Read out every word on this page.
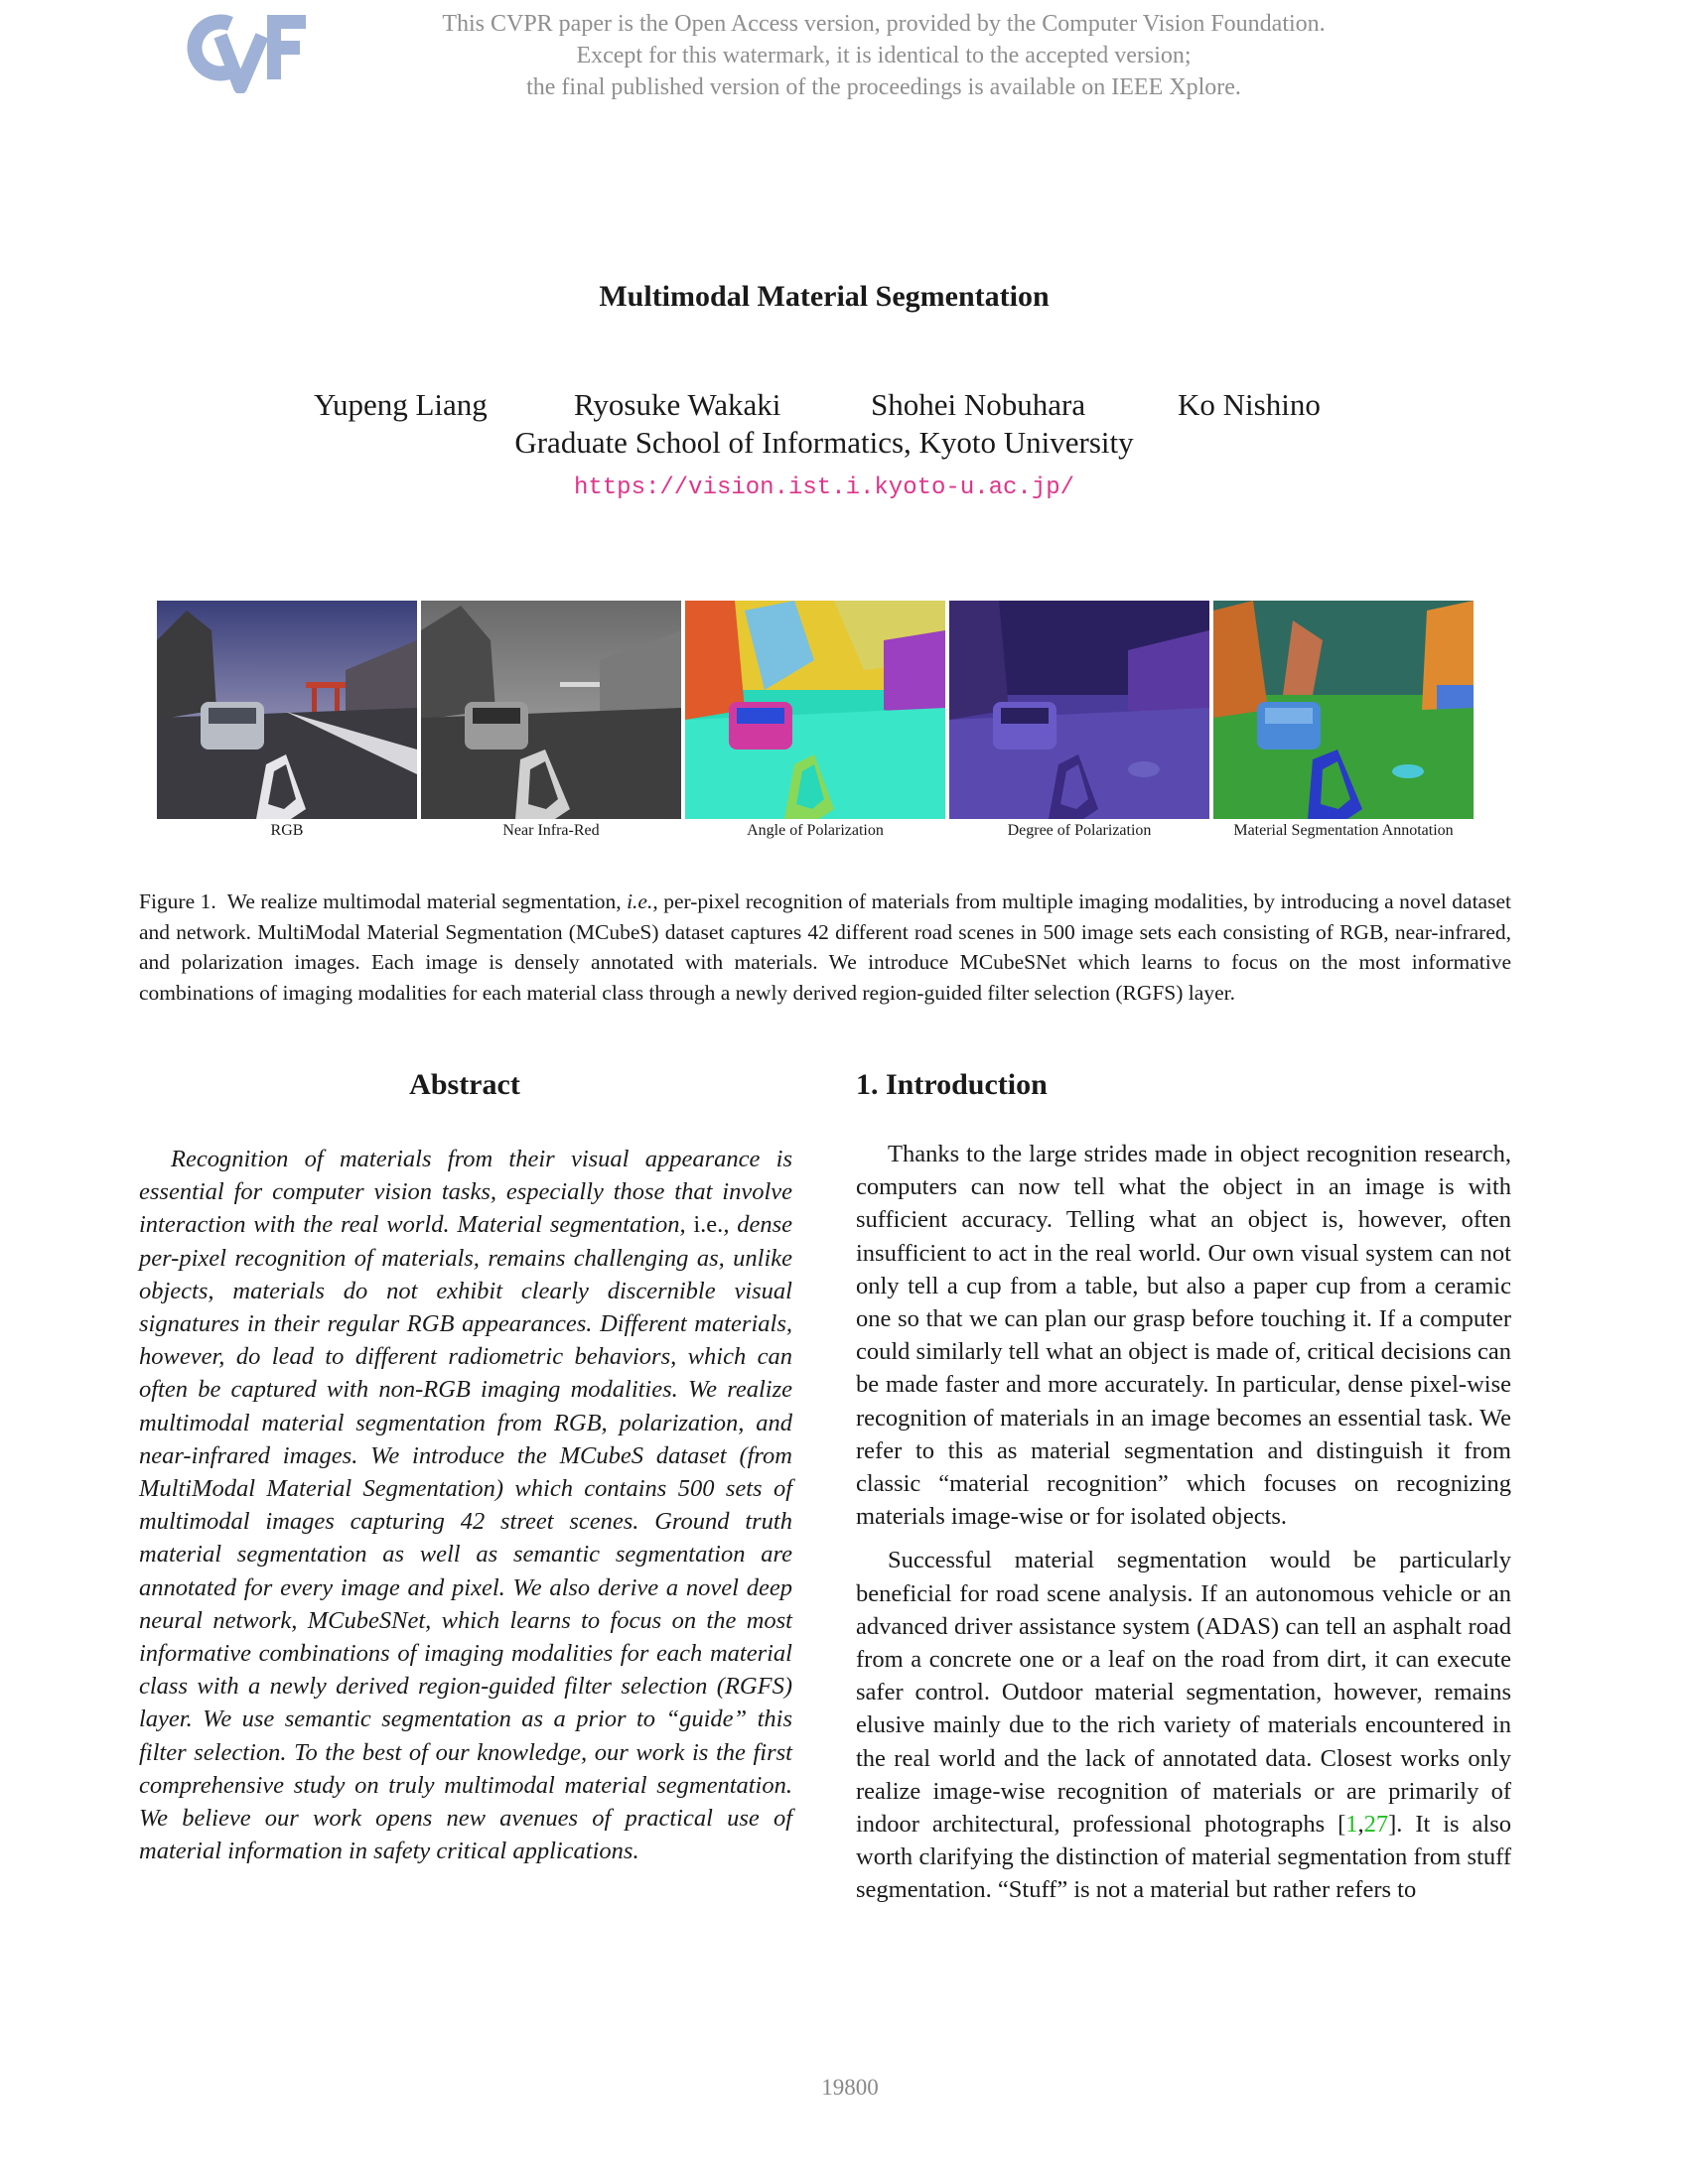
This CVPR paper is the Open Access version, provided by the Computer Vision Foundation.
Except for this watermark, it is identical to the accepted version;
the final published version of the proceedings is available on IEEE Xplore.
Multimodal Material Segmentation
Yupeng Liang	Ryosuke Wakaki	Shohei Nobuhara	Ko Nishino
Graduate School of Informatics, Kyoto University
https://vision.ist.i.kyoto-u.ac.jp/
RGB	Near Infra-Red	Angle of Polarization	Degree of Polarization	Material Segmentation Annotation
Figure 1. We realize multimodal material segmentation, i.e., per-pixel recognition of materials from multiple imaging modalities, by introducing a novel dataset and network. MultiModal Material Segmentation (MCubeS) dataset captures 42 different road scenes in 500 image sets each consisting of RGB, near-infrared, and polarization images. Each image is densely annotated with materials. We introduce MCubeSNet which learns to focus on the most informative combinations of imaging modalities for each material class through a newly derived region-guided filter selection (RGFS) layer.
Abstract
Recognition of materials from their visual appearance is essential for computer vision tasks, especially those that involve interaction with the real world. Material segmentation, i.e., dense per-pixel recognition of materials, remains challenging as, unlike objects, materials do not exhibit clearly discernible visual signatures in their regular RGB appearances. Different materials, however, do lead to different radiometric behaviors, which can often be captured with non-RGB imaging modalities. We realize multimodal material segmentation from RGB, polarization, and near-infrared images. We introduce the MCubeS dataset (from MultiModal Material Segmentation) which contains 500 sets of multimodal images capturing 42 street scenes. Ground truth material segmentation as well as semantic segmentation are annotated for every image and pixel. We also derive a novel deep neural network, MCubeSNet, which learns to focus on the most informative combinations of imaging modalities for each material class with a newly derived region-guided filter selection (RGFS) layer. We use semantic segmentation as a prior to “guide” this filter selection. To the best of our knowledge, our work is the first comprehensive study on truly multimodal material segmentation. We believe our work opens new avenues of practical use of material information in safety critical applications.
1. Introduction

Thanks to the large strides made in object recognition research, computers can now tell what the object in an image is with sufficient accuracy. Telling what an object is, however, often insufficient to act in the real world. Our own visual system can not only tell a cup from a table, but also a paper cup from a ceramic one so that we can plan our grasp before touching it. If a computer could similarly tell what an object is made of, critical decisions can be made faster and more accurately. In particular, dense pixel-wise recognition of materials in an image becomes an essential task. We refer to this as material segmentation and distinguish it from classic “material recognition” which focuses on recognizing materials image-wise or for isolated objects.

Successful material segmentation would be particularly beneficial for road scene analysis. If an autonomous vehicle or an advanced driver assistance system (ADAS) can tell an asphalt road from a concrete one or a leaf on the road from dirt, it can execute safer control. Outdoor material segmentation, however, remains elusive mainly due to the rich variety of materials encountered in the real world and the lack of annotated data. Closest works only realize image-wise recognition of materials or are primarily of indoor architectural, professional photographs [1,27]. It is also worth clarifying the distinction of material segmentation from stuff segmentation. “Stuff” is not a material but rather refers to

19800
